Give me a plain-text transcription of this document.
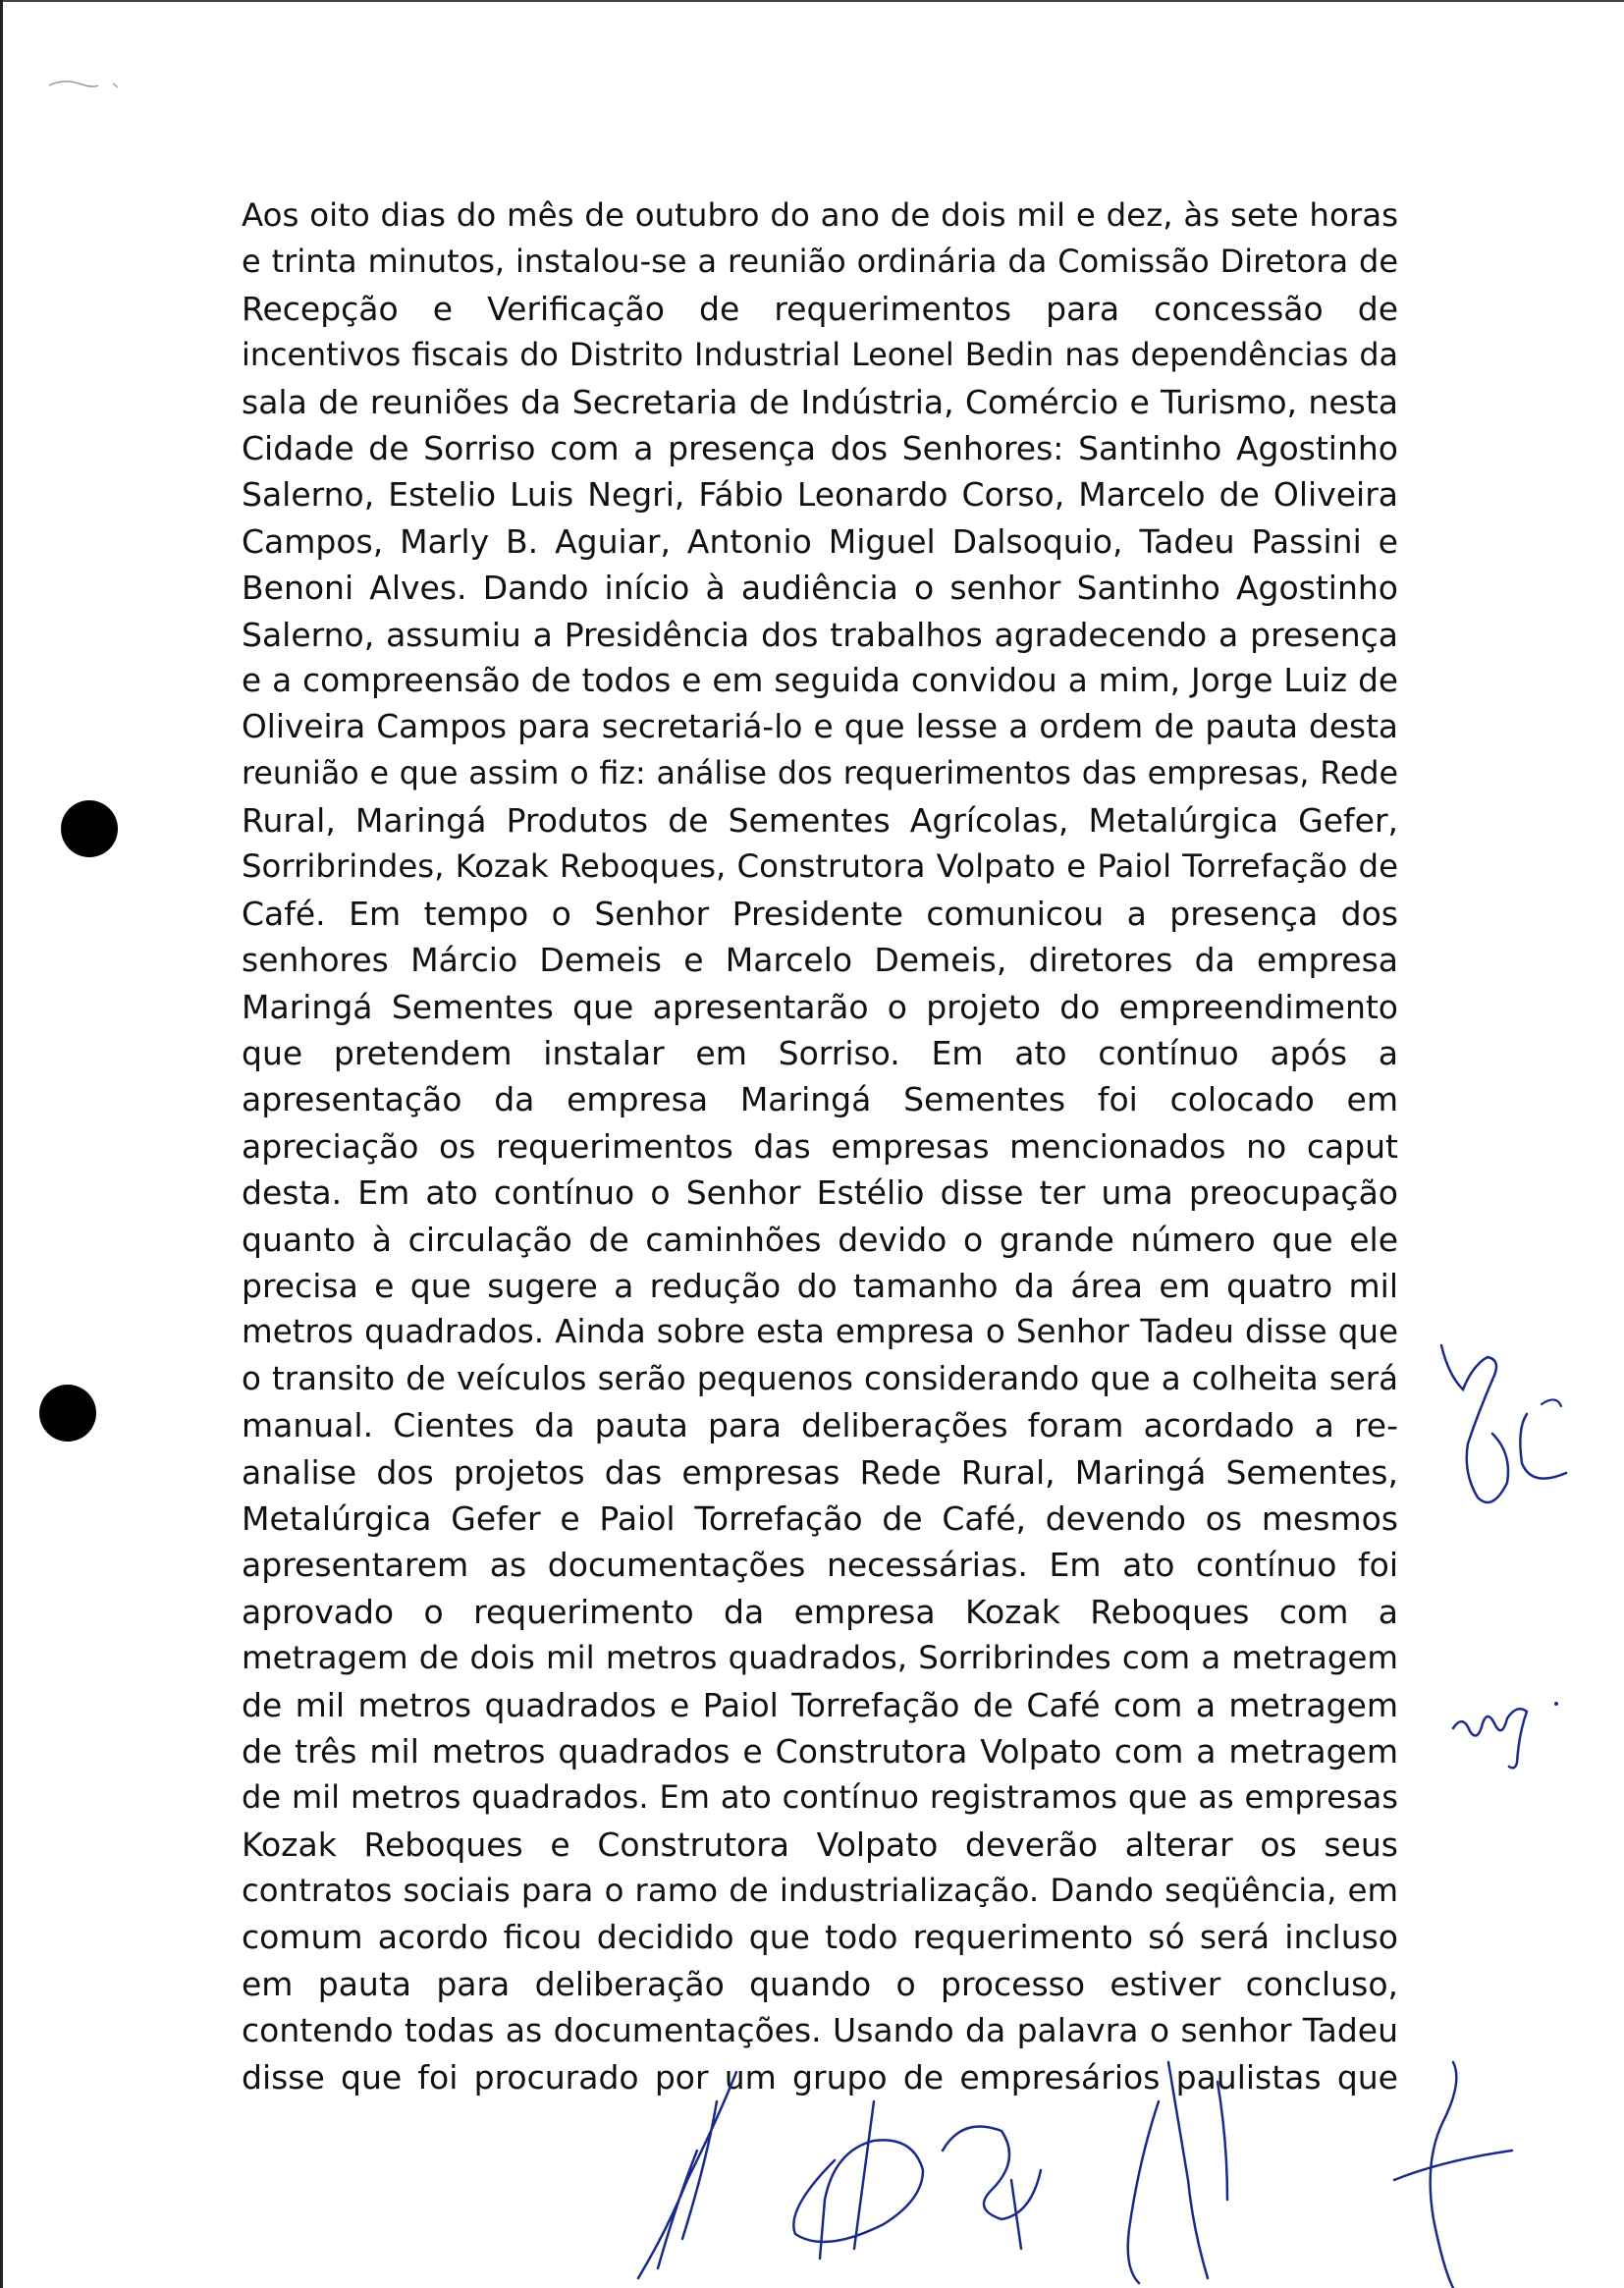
Aos oito dias do mês de outubro do ano de dois mil e dez, às sete horas
e trinta minutos, instalou-se a reunião ordinária da Comissão Diretora de
Recepção e Verificação de requerimentos para concessão de
incentivos fiscais do Distrito Industrial Leonel Bedin nas dependências da
sala de reuniões da Secretaria de Indústria, Comércio e Turismo, nesta
Cidade de Sorriso com a presença dos Senhores: Santinho Agostinho
Salerno, Estelio Luis Negri, Fábio Leonardo Corso, Marcelo de Oliveira
Campos, Marly B. Aguiar, Antonio Miguel Dalsoquio, Tadeu Passini e
Benoni Alves. Dando início à audiência o senhor Santinho Agostinho
Salerno, assumiu a Presidência dos trabalhos agradecendo a presença
e a compreensão de todos e em seguida convidou a mim, Jorge Luiz de
Oliveira Campos para secretariá-lo e que lesse a ordem de pauta desta
reunião e que assim o fiz: análise dos requerimentos das empresas, Rede
Rural, Maringá Produtos de Sementes Agrícolas, Metalúrgica Gefer,
Sorribrindes, Kozak Reboques, Construtora Volpato e Paiol Torrefação de
Café. Em tempo o Senhor Presidente comunicou a presença dos
senhores Márcio Demeis e Marcelo Demeis, diretores da empresa
Maringá Sementes que apresentarão o projeto do empreendimento
que pretendem instalar em Sorriso. Em ato contínuo após a
apresentação da empresa Maringá Sementes foi colocado em
apreciação os requerimentos das empresas mencionados no caput
desta. Em ato contínuo o Senhor Estélio disse ter uma preocupação
quanto à circulação de caminhões devido o grande número que ele
precisa e que sugere a redução do tamanho da área em quatro mil
metros quadrados. Ainda sobre esta empresa o Senhor Tadeu disse que
o transito de veículos serão pequenos considerando que a colheita será
manual. Cientes da pauta para deliberações foram acordado a re-
analise dos projetos das empresas Rede Rural, Maringá Sementes,
Metalúrgica Gefer e Paiol Torrefação de Café, devendo os mesmos
apresentarem as documentações necessárias. Em ato contínuo foi
aprovado o requerimento da empresa Kozak Reboques com a
metragem de dois mil metros quadrados, Sorribrindes com a metragem
de mil metros quadrados e Paiol Torrefação de Café com a metragem
de três mil metros quadrados e Construtora Volpato com a metragem
de mil metros quadrados. Em ato contínuo registramos que as empresas
Kozak Reboques e Construtora Volpato deverão alterar os seus
contratos sociais para o ramo de industrialização. Dando seqüência, em
comum acordo ficou decidido que todo requerimento só será incluso
em pauta para deliberação quando o processo estiver concluso,
contendo todas as documentações. Usando da palavra o senhor Tadeu
disse que foi procurado por um grupo de empresários paulistas que
